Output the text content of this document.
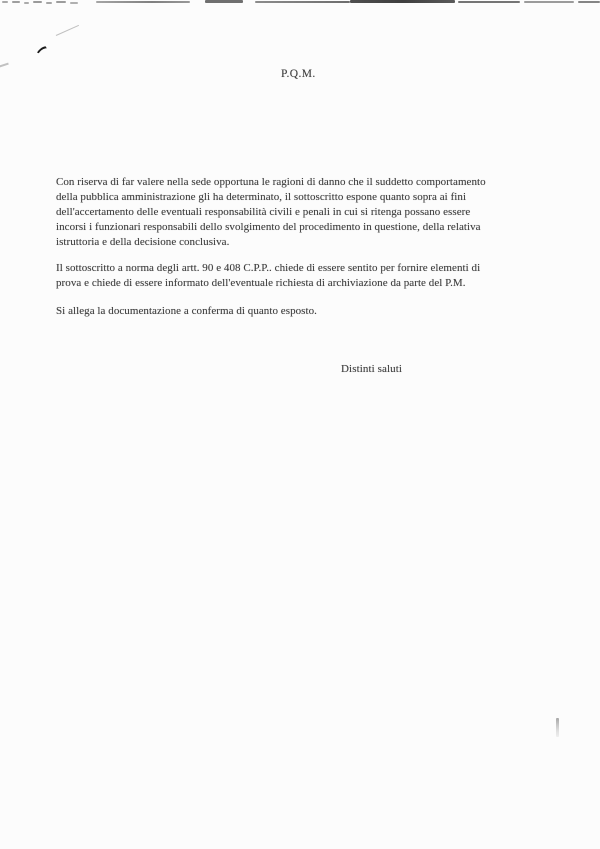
P.Q.M.
Con riserva di far valere nella sede opportuna le ragioni di danno che il suddetto comportamento
della pubblica amministrazione gli ha determinato, il sottoscritto espone quanto sopra ai fini
dell'accertamento delle eventuali responsabilità civili e penali in cui si ritenga possano essere
incorsi i funzionari responsabili dello svolgimento del procedimento in questione, della relativa
istruttoria e della decisione conclusiva.
Il sottoscritto a norma degli artt. 90 e 408 C.P.P.. chiede di essere sentito per fornire elementi di
prova e chiede di essere informato dell'eventuale richiesta di archiviazione da parte del P.M.
Si allega la documentazione a conferma di quanto esposto.
Distinti saluti
